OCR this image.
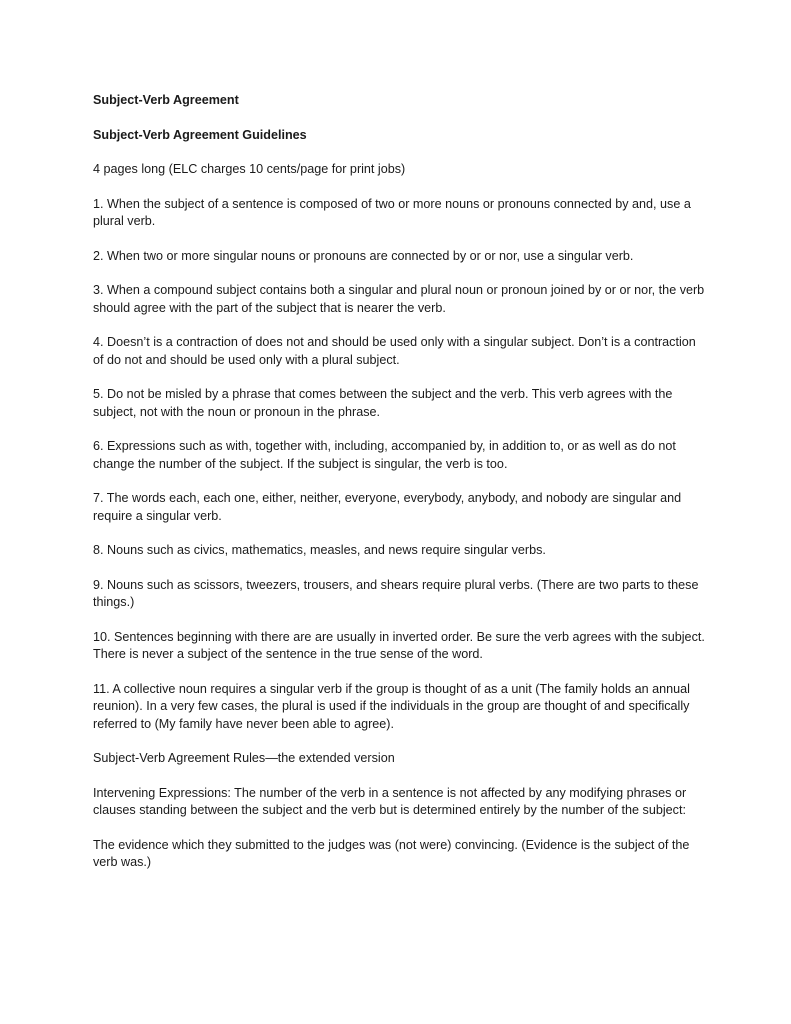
Subject-Verb Agreement

Subject-Verb Agreement Guidelines

4 pages long (ELC charges 10 cents/page for print jobs)

1. When the subject of a sentence is composed of two or more nouns or pronouns connected by and, use a plural verb.

2. When two or more singular nouns or pronouns are connected by or or nor, use a singular verb.

3. When a compound subject contains both a singular and plural noun or pronoun joined by or or nor, the verb should agree with the part of the subject that is nearer the verb.

4. Doesn’t is a contraction of does not and should be used only with a singular subject. Don’t is a contraction of do not and should be used only with a plural subject.

5. Do not be misled by a phrase that comes between the subject and the verb. This verb agrees with the subject, not with the noun or pronoun in the phrase.

6. Expressions such as with, together with, including, accompanied by, in addition to, or as well as do not change the number of the subject. If the subject is singular, the verb is too.

7. The words each, each one, either, neither, everyone, everybody, anybody, and nobody are singular and require a singular verb.

8. Nouns such as civics, mathematics, measles, and news require singular verbs.

9. Nouns such as scissors, tweezers, trousers, and shears require plural verbs. (There are two parts to these things.)

10. Sentences beginning with there are are usually in inverted order. Be sure the verb agrees with the subject. There is never a subject of the sentence in the true sense of the word.

11. A collective noun requires a singular verb if the group is thought of as a unit (The family holds an annual reunion). In a very few cases, the plural is used if the individuals in the group are thought of and specifically referred to (My family have never been able to agree).

Subject-Verb Agreement Rules—the extended version

Intervening Expressions: The number of the verb in a sentence is not affected by any modifying phrases or clauses standing between the subject and the verb but is determined entirely by the number of the subject:

The evidence which they submitted to the judges was (not were) convincing. (Evidence is the subject of the verb was.)
